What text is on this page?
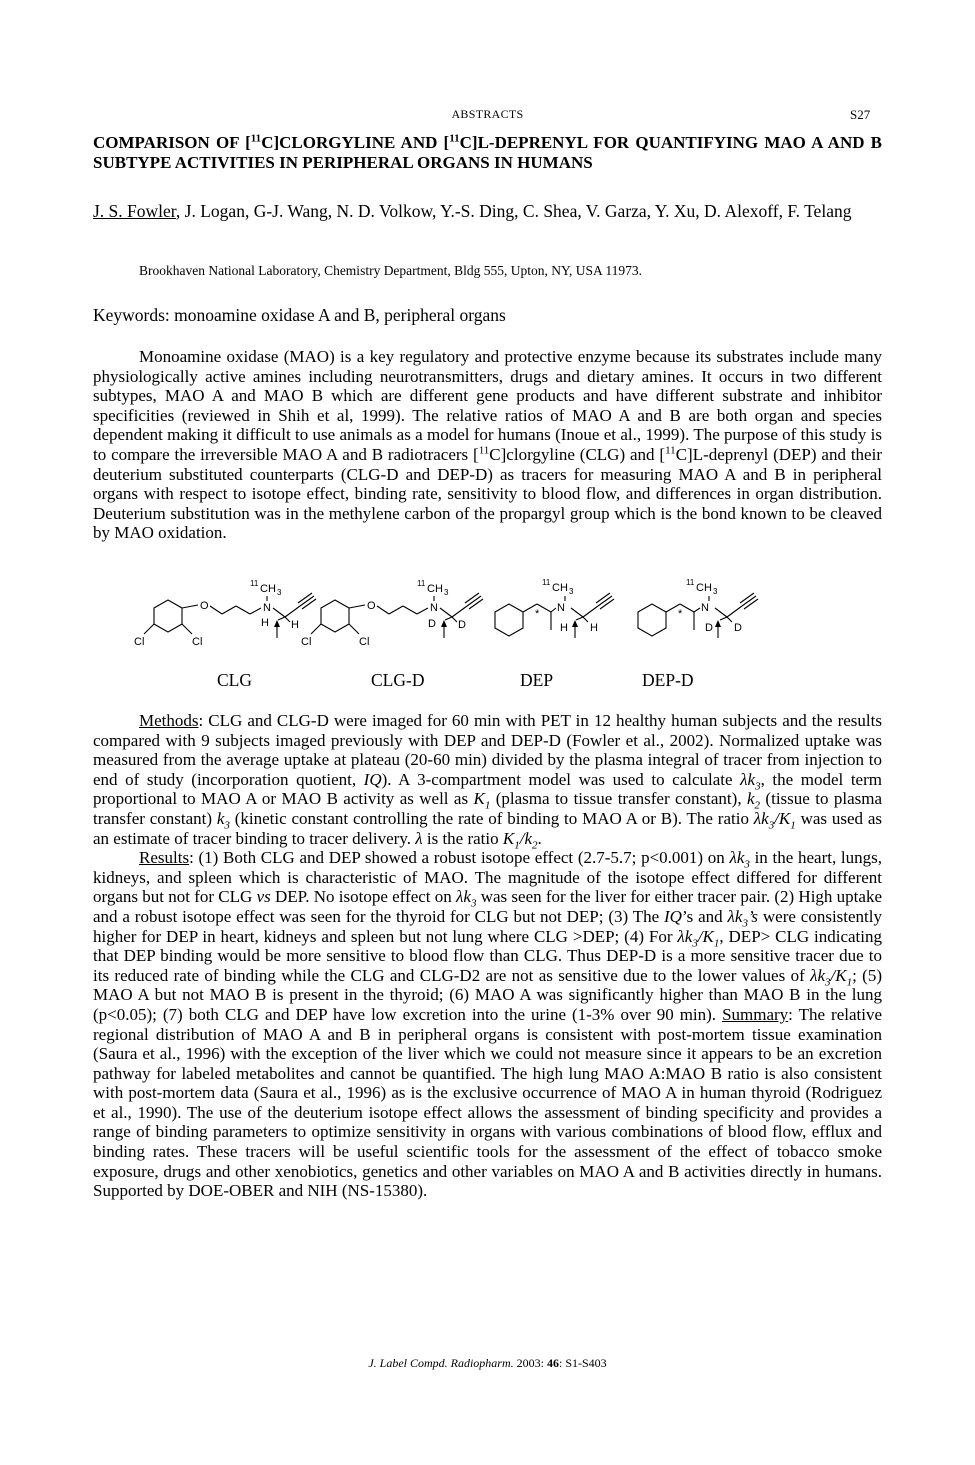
ABSTRACTS	S27
COMPARISON OF [$^{11}$C]CLORGYLINE AND [$^{11}$C]L-DEPRENYL FOR QUANTIFYING MAO A AND B SUBTYPE ACTIVITIES IN PERIPHERAL ORGANS IN HUMANS
J. S. Fowler, J. Logan, G-J. Wang, N. D. Volkow, Y.-S. Ding, C. Shea, V. Garza, Y. Xu, D. Alexoff, F. Telang
Brookhaven National Laboratory, Chemistry Department, Bldg 555, Upton, NY, USA 11973.
Keywords: monoamine oxidase A and B, peripheral organs

Monoamine oxidase (MAO) is a key regulatory and protective enzyme because its substrates include many physiologically active amines including neurotransmitters, drugs and dietary amines. It occurs in two different subtypes, MAO A and MAO B which are different gene products and have different substrate and inhibitor specificities (reviewed in Shih et al, 1999). The relative ratios of MAO A and B are both organ and species dependent making it difficult to use animals as a model for humans (Inoue et al., 1999). The purpose of this study is to compare the irreversible MAO A and B radiotracers [$^{11}$C]clorgyline (CLG) and [$^{11}$C]L-deprenyl (DEP) and their deuterium substituted counterparts (CLG-D and DEP-D) as tracers for measuring MAO A and B in peripheral organs with respect to isotope effect, binding rate, sensitivity to blood flow, and differences in organ distribution. Deuterium substitution was in the methylene carbon of the propargyl group which is the bond known to be cleaved by MAO oxidation.

O
11 CH 3
N
H H
Cl	Cl
O
11 CH 3
N
D D
Cl	Cl
11 CH 3
* N
H H
11 CH 3
* N
D D
CLG	CLG-D	DEP	DEP-D

Methods: CLG and CLG-D were imaged for 60 min with PET in 12 healthy human subjects and the results compared with 9 subjects imaged previously with DEP and DEP-D (Fowler et al., 2002). Normalized uptake was measured from the average uptake at plateau (20-60 min) divided by the plasma integral of tracer from injection to end of study (incorporation quotient, IQ). A 3-compartment model was used to calculate $\lambda k_3$, the model term proportional to MAO A or MAO B activity as well as $K_1$ (plasma to tissue transfer constant), $k_2$ (tissue to plasma transfer constant) $k_3$ (kinetic constant controlling the rate of binding to MAO A or B). The ratio $\lambda k_3/K_1$ was used as an estimate of tracer binding to tracer delivery. λ is the ratio $K_1/k_2$.
Results: (1) Both CLG and DEP showed a robust isotope effect (2.7-5.7; p<0.001) on $\lambda k_3$ in the heart, lungs, kidneys, and spleen which is characteristic of MAO. The magnitude of the isotope effect differed for different organs but not for CLG vs DEP. No isotope effect on $\lambda k_3$ was seen for the liver for either tracer pair. (2) High uptake and a robust isotope effect was seen for the thyroid for CLG but not DEP; (3) The IQ’s and $\lambda k_3’s$ were consistently higher for DEP in heart, kidneys and spleen but not lung where CLG >DEP; (4) For $\lambda k_3/K_1$, DEP> CLG indicating that DEP binding would be more sensitive to blood flow than CLG. Thus DEP-D is a more sensitive tracer due to its reduced rate of binding while the CLG and CLG-D2 are not as sensitive due to the lower values of $\lambda k_3/K_1$; (5) MAO A but not MAO B is present in the thyroid; (6) MAO A was significantly higher than MAO B in the lung (p<0.05); (7) both CLG and DEP have low excretion into the urine (1-3% over 90 min). Summary: The relative regional distribution of MAO A and B in peripheral organs is consistent with post-mortem tissue examination (Saura et al., 1996) with the exception of the liver which we could not measure since it appears to be an excretion pathway for labeled metabolites and cannot be quantified. The high lung MAO A:MAO B ratio is also consistent with post-mortem data (Saura et al., 1996) as is the exclusive occurrence of MAO A in human thyroid (Rodriguez et al., 1990). The use of the deuterium isotope effect allows the assessment of binding specificity and provides a range of binding parameters to optimize sensitivity in organs with various combinations of blood flow, efflux and binding rates. These tracers will be useful scientific tools for the assessment of the effect of tobacco smoke exposure, drugs and other xenobiotics, genetics and other variables on MAO A and B activities directly in humans. Supported by DOE-OBER and NIH (NS-15380).

J. Label Compd. Radiopharm. 2003: 46: S1-S403
